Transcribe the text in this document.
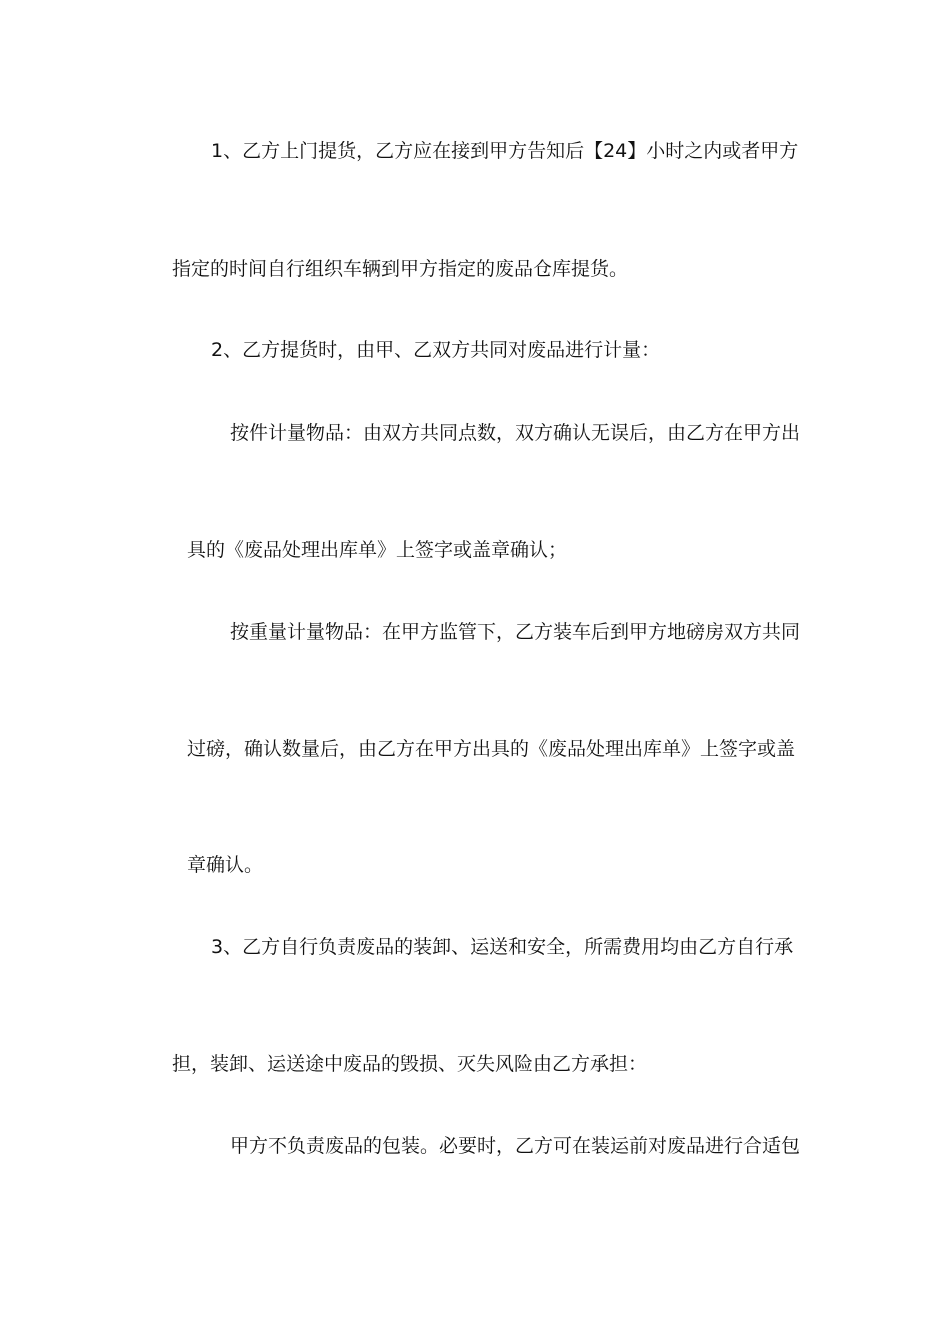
1、乙方上门提货，乙方应在接到甲方告知后【24】小时之内或者甲方
指定的时间自行组织车辆到甲方指定的废品仓库提货。
2、乙方提货时，由甲、乙双方共同对废品进行计量：
按件计量物品：由双方共同点数，双方确认无误后，由乙方在甲方出
具的《废品处理出库单》上签字或盖章确认；
按重量计量物品：在甲方监管下，乙方装车后到甲方地磅房双方共同
过磅，确认数量后，由乙方在甲方出具的《废品处理出库单》上签字或盖
章确认。
3、乙方自行负责废品的装卸、运送和安全，所需费用均由乙方自行承
担，装卸、运送途中废品的毁损、灭失风险由乙方承担：
甲方不负责废品的包装。必要时，乙方可在装运前对废品进行合适包
